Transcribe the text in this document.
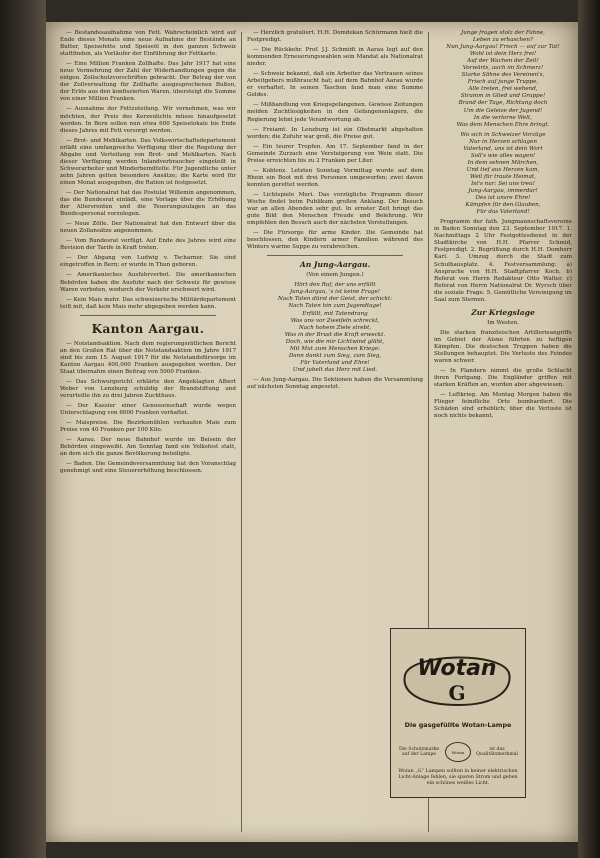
— Bestandesaufnahme von Fett. Wahrscheinlich wird auf Ende dieses Monats eine neue Aufnahme der Bestände an Butter, Speisefette und Speiseöl in den ganzen Schweiz stattfinden, als Vorläufer der Einführung der Fettkarte.

— Eine Million Franken Zollhafte. Das Jahr 1917 hat eine neue Vermehrung der Zahl der Widerhandlungen gegen die eidgen. Zollschutzvorschriften gebracht. Der Betrag der von der Zollverwaltung für Zollhafte ausgesprochenen Bußen, der Erlös aus den konfiszierten Waren, übersteigt die Summe von einer Million Franken.

— Ausnahme der Fettzuteilung. Wir vernehmen, was wir möchten, der Preis des Kerzenlichts müsse hinaufgesetzt werden. In Bern sollen nun etwa 600 Speiselokale bis Ende dieses Jahres mit Fett versorgt werden.

— Brot- und Mehlkarten. Das Volkswirtschaftsdepartement erläßt eine umfangreiche Verfügung über die Regelung der Abgabe und Verteilung von Brot- und Mehlkarten. Nach dieser Verfügung werden Inlandverbraucher eingeteilt in Schwerarbeiter und Minderbemittelte. Für Jugendliche unter zehn Jahren gelten besondere Ansätze; die Karte wird für einen Monat ausgegeben, die Ration ist festgesetzt.

— Der Nationalrat hat das Postulat Willemin angenommen, das die Bundesrat einlädt, eine Vorlage über die Erhöhung der Altersrenten und die Teuerungszulagen an das Bundespersonal vorzulegen.

— Neue Zölle. Der Nationalrat hat den Entwurf über die neuen Zollansätze angenommen.

— Vom Bundesrat verfügt. Auf Ende des Jahres wird eine Revision der Tarife in Kraft treten.

— Der Abgang von Ludwig v. Tscharner. Sie sind eingetroffen in Bern; er wurde in Thun geboren.

— Amerikanisches Ausfuhrverbot. Die amerikanischen Behörden haben die Ausfuhr nach der Schweiz für gewisse Waren verboten, wodurch der Verkehr erschwert wird.

— Kein Mais mehr. Das schweizerische Militärdepartement teilt mit, daß kein Mais mehr abgegeben werden kann.

Kanton Aargau.

— Notstandsaktion. Nach dem regierungsrätlichen Bericht an den Großen Rat über die Notstandsaktion im Jahre 1917 sind bis zum 15. August 1917 für die Notstandsfürsorge im Kanton Aargau 400,000 Franken ausgegeben worden. Der Staat übernahm einen Beitrag von 5000 Franken.

— Das Schwurgericht erklärte den Angeklagten Albert Weber von Lenzburg schuldig der Brandstiftung und verurteilte ihn zu drei Jahren Zuchthaus.

— Der Kassier einer Genossenschaft wurde wegen Unterschlagung von 6000 Franken verhaftet.

— Maispreise. Die Bezirksmühlen verkaufen Mais zum Preise von 40 Franken per 100 Kilo.

— Aarau. Der neue Bahnhof wurde im Beisein der Behörden eingeweiht. Am Sonntag fand ein Volksfest statt, an dem sich die ganze Bevölkerung beteiligte.

— Baden. Die Gemeindeversammlung hat den Voranschlag genehmigt und eine Steuererhöhung beschlossen.

— Herzlich gratuliert. H.H. Domdekan Schürmann hielt die Festpredigt.

— Die Rückkehr. Prof. J.J. Schmidt in Aarau legt auf den kommenden Erneuerungswahlen sein Mandat als Nationalrat nieder.

— Schweiz bekannt, daß ein Arbeiter das Vertrauen seines Arbeitgebers mißbraucht hat; auf dem Bahnhof Aarau wurde er verhaftet. In seinen Taschen fand man eine Summe Geldes.

— Mißhandlung von Kriegsgefangenen. Gewisse Zeitungen melden Zuchtlosigkeiten in den Gefangenenlagern, die Regierung lehnt jede Verantwortung ab.

— Freiamt. In Lenzburg ist ein Obstmarkt abgehalten worden; die Zufuhr war groß, die Preise gut.

— Ein teurer Tropfen. Am 17. September fand in der Gemeinde Zurzach eine Versteigerung von Wein statt. Die Preise erreichten bis zu 2 Franken per Liter.

— Koblenz. Letzten Sonntag Vormittag wurde auf dem Rhein ein Boot mit drei Personen umgeworfen; zwei davon konnten gerettet werden.

— Lichtspiele Muri. Das vorzügliche Programm dieser Woche findet beim Publikum großen Anklang. Der Besuch war an allen Abenden sehr gut. In ernster Zeit bringt das gute Bild den Menschen Freude und Belehrung. Wir empfehlen den Besuch auch der nächsten Vorstellungen.

— Die Fürsorge für arme Kinder. Die Gemeinde hat beschlossen, den Kindern armer Familien während des Winters warme Suppe zu verabreichen.

An Jung-Aargau.
(Von einem Jungen.)
Hört den Ruf, der uns erfüllt
Jung-Aargau, 's ist keine Frage!
Nach Taten dürst der Geist, der schickt:
Nach Taten hin zum Jugendtage!
Erfüllt, mit Tatendrang
Was uns vor Zweifeln schreckt,
Nach hohem Ziele strebt,
Was in der Brust die Kraft erweckt.
Doch, wie die mir Lichtwind glüht,
Mit Mut zum Menschen Kriege:
Dann dankt zum Sieg, zum Sieg,
Für Vaterland und Ehre!
Und jubelt das Herz mit Lied.

— Aus Jung-Aargau. Die Sektionen haben die Versammlung auf nächsten Sonntag angesetzt.

Junge fragen stolz der Fahne,
Leben zu erhaschen?
Nun Jung-Aargau! Frisch — auf zur Tat!
Wohl ist dein Herz frei!
Auf der Wachen der Zeit!
Vorwärts, auch im Schmerz!
Starke Söhne des Vereinen's,
Frisch auf junge Truppe,
Alle treten, frei wehend,
Stramm in Glied und Gruppe!
Brand der Tage, Richtung doch
Um die Geleise der Jugend!
In die verlorne Welt,
Was dem Menschen Ehre bringt.
Wo sich in Schweizer Vorzüge
Nur in Herzen schlagen
Vaterland, uns ist dein Wort
Soll's wie alles wagen!
In dem sehnen Märchen,
Und tief aus Herzen kam,
Weil für traute Heimat,
Ist's nur: Sei uns treu!
Jung-Aargau, immerdar!
Des ist unsre Ehre!
Kämpfen für den Glauben,
Für das Vaterland!

Programm der fath. Jungmannschaftsvereine in Baden Sonntag den 23. September 1917. 1. Nachmittags 2 Uhr Festgottesdienst in der Stadtkirche von H.H. Pfarrer Schmid, Festpredigt. 2. Begrüßung durch H.H. Domherr Karl. 3. Umzug durch die Stadt zum Schulhausplatz. 4. Festversammlung: a) Ansprache von H.H. Stadtpfarrer Koch. b) Referat von Herrn Redakteur Otto Walter. c) Referat von Herrn Nationalrat Dr. Wyrsch über die soziale Frage. 5. Gemütliche Vereinigung im Saal zum Sternen.

Zur Kriegslage
Im Westen.

Die starken französischen Artillerieangriffe im Gebiet der Aisne führten zu heftigen Kämpfen. Die deutschen Truppen haben die Stellungen behauptet. Die Verluste des Feindes waren schwer.

— In Flandern nimmt die große Schlacht ihren Fortgang. Die Engländer griffen mit starken Kräften an, wurden aber abgewiesen.

— Luftkrieg. Am Montag Morgen haben die Flieger feindliche Orte bombardiert. Die Schäden sind erheblich; über die Verluste ist noch nichts bekannt.

Wotan
G
Die gasgefüllte Wotan-Lampe
Die Schutzmarke auf der Lampe	Wotan
ist das Qualitätsmerkmal
Wotan „G“ Lampen sollten in keiner elektrischen Licht-Anlage fehlen, sie sparen Strom und geben ein schönes weißes Licht.
